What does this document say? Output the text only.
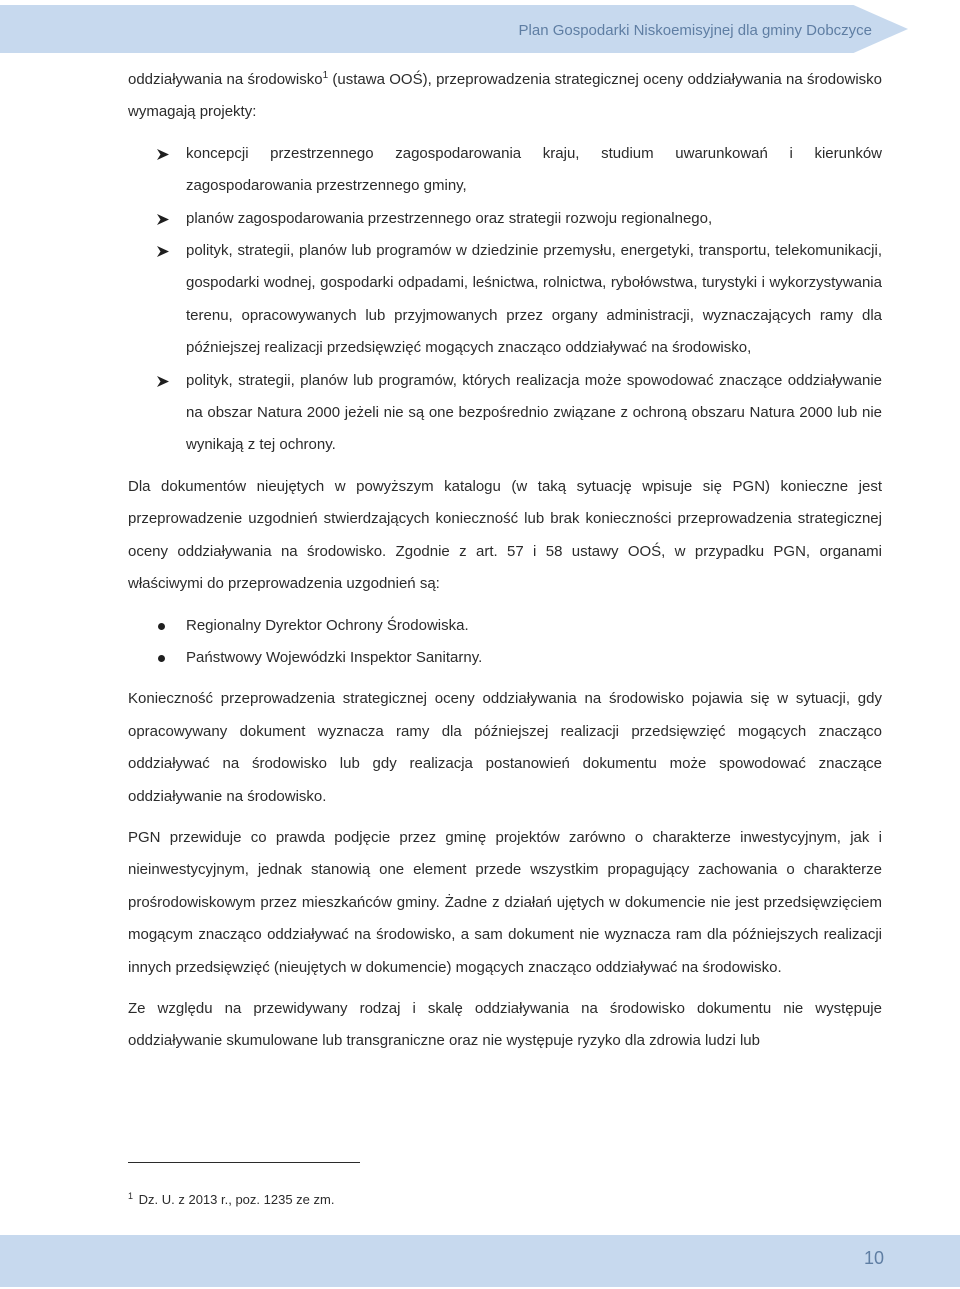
Plan Gospodarki Niskoemisyjnej dla gminy Dobczyce
oddziaływania na środowisko$^1$ (ustawa OOŚ), przeprowadzenia strategicznej oceny oddziaływania na środowisko wymagają projekty:
koncepcji przestrzennego zagospodarowania kraju, studium uwarunkowań i kierunków zagospodarowania przestrzennego gminy,
planów zagospodarowania przestrzennego oraz strategii rozwoju regionalnego,
polityk, strategii, planów lub programów w dziedzinie przemysłu, energetyki, transportu, telekomunikacji, gospodarki wodnej, gospodarki odpadami, leśnictwa, rolnictwa, rybołówstwa, turystyki i wykorzystywania terenu, opracowywanych lub przyjmowanych przez organy administracji, wyznaczających ramy dla późniejszej realizacji przedsięwzięć mogących znacząco oddziaływać na środowisko,
polityk, strategii, planów lub programów, których realizacja może spowodować znaczące oddziaływanie na obszar Natura 2000 jeżeli nie są one bezpośrednio związane z ochroną obszaru Natura 2000 lub nie wynikają z tej ochrony.
Dla dokumentów nieujętych w powyższym katalogu (w taką sytuację wpisuje się PGN) konieczne jest przeprowadzenie uzgodnień stwierdzających konieczność lub brak konieczności przeprowadzenia strategicznej oceny oddziaływania na środowisko. Zgodnie z art. 57 i 58 ustawy OOŚ, w przypadku PGN, organami właściwymi do przeprowadzenia uzgodnień są:
Regionalny Dyrektor Ochrony Środowiska.
Państwowy Wojewódzki Inspektor Sanitarny.
Konieczność przeprowadzenia strategicznej oceny oddziaływania na środowisko pojawia się w sytuacji, gdy opracowywany dokument wyznacza ramy dla późniejszej realizacji przedsięwzięć mogących znacząco oddziaływać na środowisko lub gdy realizacja postanowień dokumentu może spowodować znaczące oddziaływanie na środowisko.
PGN przewiduje co prawda podjęcie przez gminę projektów zarówno o charakterze inwestycyjnym, jak i nieinwestycyjnym, jednak stanowią one element przede wszystkim propagujący zachowania o charakterze prośrodowiskowym przez mieszkańców gminy. Żadne z działań ujętych w dokumencie nie jest przedsięwzięciem mogącym znacząco oddziaływać na środowisko, a sam dokument nie wyznacza ram dla późniejszych realizacji innych przedsięwzięć (nieujętych w dokumencie) mogących znacząco oddziaływać na środowisko.
Ze względu na przewidywany rodzaj i skalę oddziaływania na środowisko dokumentu nie występuje oddziaływanie skumulowane lub transgraniczne oraz nie występuje ryzyko dla zdrowia ludzi lub
$^1$ Dz. U. z 2013 r., poz. 1235 ze zm.
10
